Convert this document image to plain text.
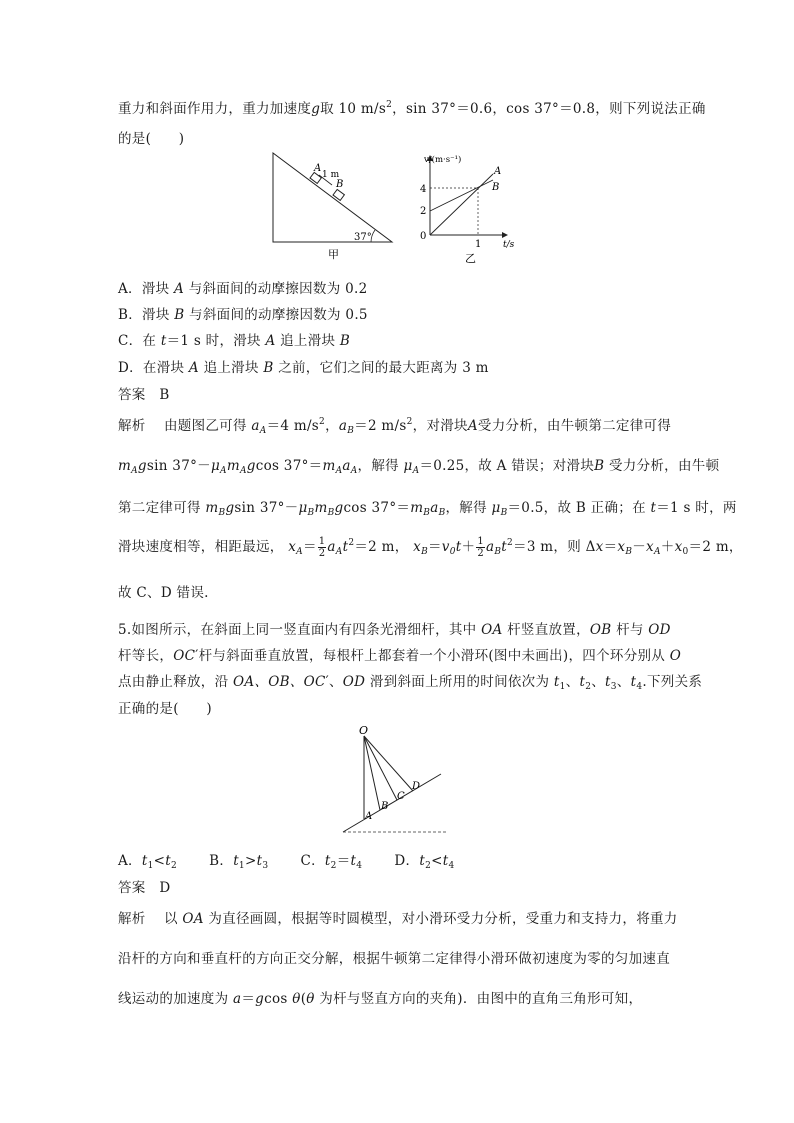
重力和斜面作用力，重力加速度g取 10 $m/s^2$，sin 37°＝0.6，cos 37°＝0.8，则下列说法正确
的是(　　)
A
1 m
B
37°
甲
v/(m·s⁻¹)
4
2
0
1 t/s
A
B
乙
A．滑块 A 与斜面间的动摩擦因数为 0.2
B．滑块 B 与斜面间的动摩擦因数为 0.5
C．在 t＝1 s 时，滑块 A 追上滑块 B
D．在滑块 A 追上滑块 B 之前，它们之间的最大距离为 3 m
答案 B
解析 由题图乙可得 $a_A=4$ $m/s^2$，$a_B=2$ $m/s^2$，对滑块A受力分析，由牛顿第二定律可得
$m_Agsin$ $37^\circ-\mu_Am_Agcos$ $37^\circ=m_Aa_A$，解得 $\mu_A=0.25$，故 A 错误；对滑块B 受力分析，由牛顿
第二定律可得 $m_Bgsin$ $37^\circ-\mu_Bm_Bgcos$ $37^\circ=m_Ba_B$，解得 $\mu_B=0.5$，故 B 正确；在 t＝1 s 时，两
滑块速度相等，相距最远， $x_A= \frac{1}{2} a_At^2=2$ m， $x_B=v_0t+ \frac{1}{2} a_Bt^2=3$ m，则 $\Delta x=x_B-x_A+x_0=2$ m，
故 C、D 错误.
5.如图所示，在斜面上同一竖直面内有四条光滑细杆，其中 OA 杆竖直放置，OB 杆与 OD
杆等长，OC′杆与斜面垂直放置，每根杆上都套着一个小滑环(图中未画出)，四个环分别从 O
点由静止释放，沿 OA、OB、OC′、OD 滑到斜面上所用的时间依次为 $t_1$、$t_2$、$t_3$、$t_4$.下列关系
正确的是(　　)
O
A
B
C
D
A．$t_1<t_2$ B．$t_1>t_3$ C．$t_2=t_4$ D．$t_2<t_4$
答案 D
解析 以 OA 为直径画圆，根据等时圆模型，对小滑环受力分析，受重力和支持力，将重力
沿杆的方向和垂直杆的方向正交分解，根据牛顿第二定律得小滑环做初速度为零的匀加速直
线运动的加速度为 a＝gcos θ(θ 为杆与竖直方向的夹角)．由图中的直角三角形可知，
